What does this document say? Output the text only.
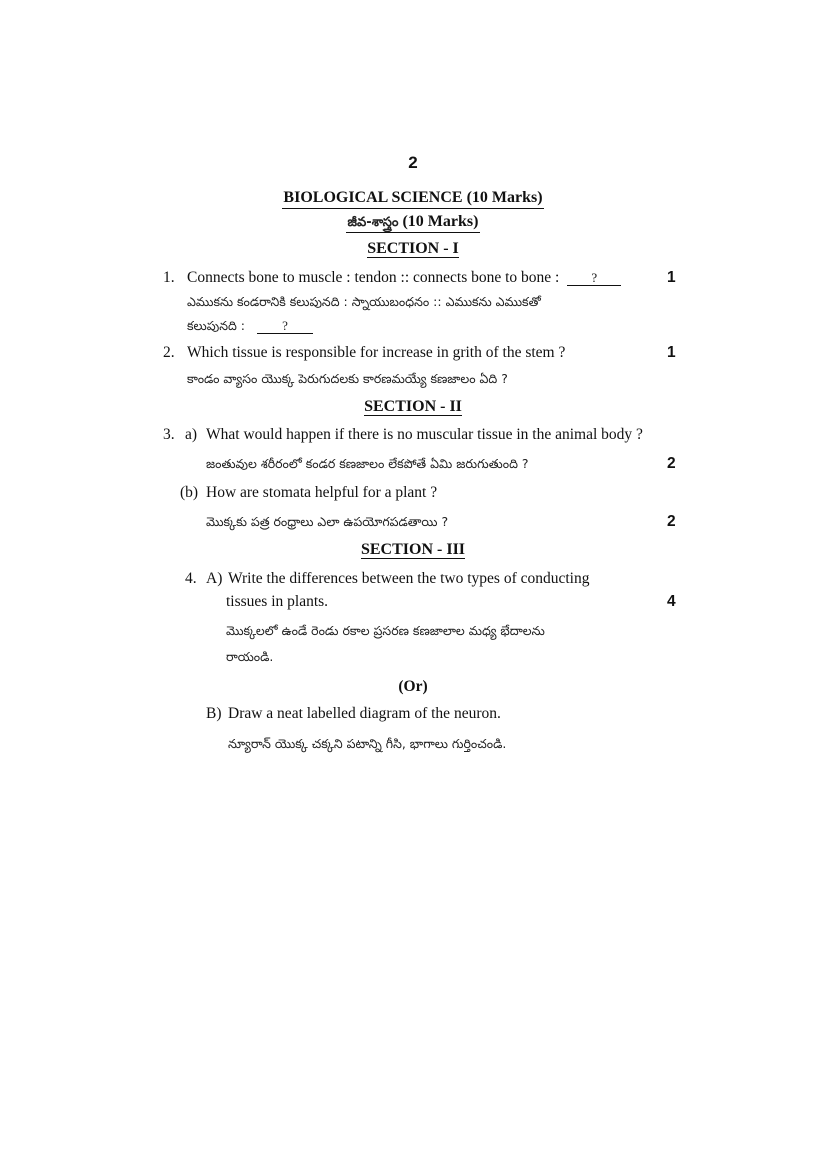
2
BIOLOGICAL SCIENCE (10 Marks)
జీవ-శాస్త్రం (10 Marks)
SECTION - I
1. Connects bone to muscle : tendon :: connects bone to bone : ?	1
ఎముకను కండరానికి కలుపునది : స్నాయుబంధనం :: ఎముకను ఎముకతో
కలుపునది :	?
2. Which tissue is responsible for increase in grith of the stem ?	1
కాండం వ్యాసం యొక్క పెరుగుదలకు కారణమయ్యే కణజాలం ఏది ?
SECTION - II
3. a) What would happen if there is no muscular tissue in the animal body ?
జంతువుల శరీరంలో కండర కణజాలం లేకపోతే ఏమి జరుగుతుంది ?	2
(b) How are stomata helpful for a plant ?
మొక్కకు పత్ర రంధ్రాలు ఎలా ఉపయోగపడతాయి ?	2
SECTION - III
4. A) Write the differences between the two types of conducting
tissues in plants.	4
మొక్కలలో ఉండే రెండు రకాల ప్రసరణ కణజాలాల మధ్య భేదాలను
రాయండి.
(Or)
B) Draw a neat labelled diagram of the neuron.
న్యూరాన్ యొక్క చక్కని పటాన్ని గీసి, భాగాలు గుర్తించండి.
